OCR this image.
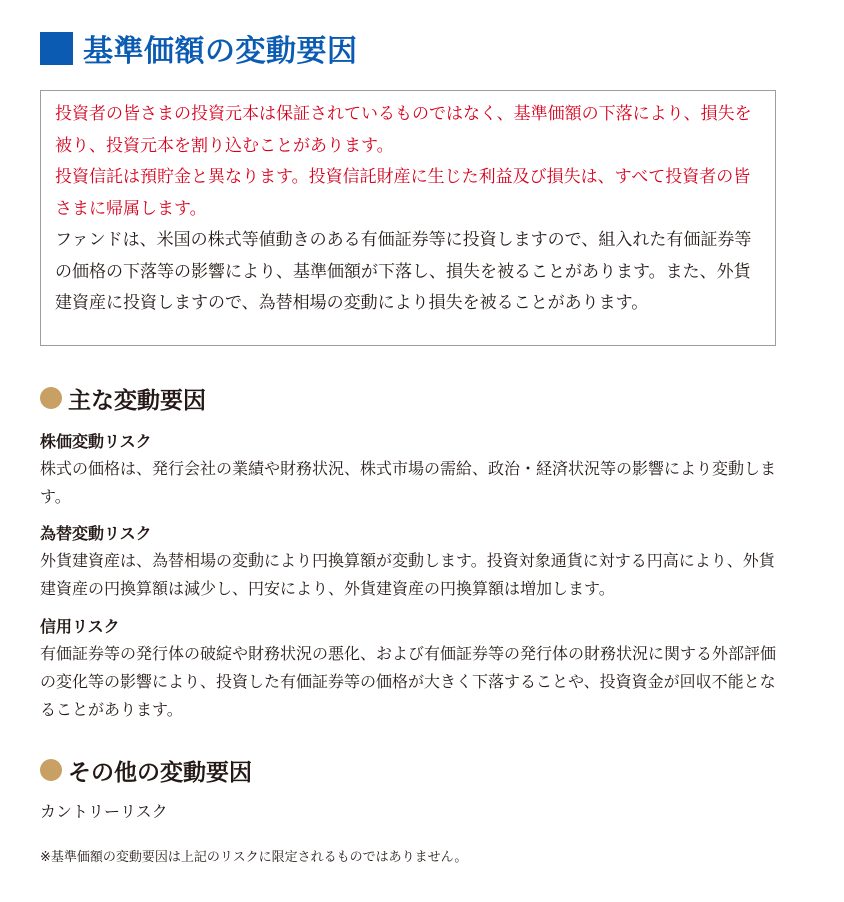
基準価額の変動要因

投資者の皆さまの投資元本は保証されているものではなく、基準価額の下落により、損失を被り、投資元本を割り込むことがあります。

投資信託は預貯金と異なります。投資信託財産に生じた利益及び損失は、すべて投資者の皆さまに帰属します。

ファンドは、米国の株式等値動きのある有価証券等に投資しますので、組入れた有価証券等の価格の下落等の影響により、基準価額が下落し、損失を被ることがあります。また、外貨建資産に投資しますので、為替相場の変動により損失を被ることがあります。

主な変動要因

株価変動リスク

株式の価格は、発行会社の業績や財務状況、株式市場の需給、政治・経済状況等の影響により変動します。

為替変動リスク

外貨建資産は、為替相場の変動により円換算額が変動します。投資対象通貨に対する円高により、外貨建資産の円換算額は減少し、円安により、外貨建資産の円換算額は増加します。

信用リスク

有価証券等の発行体の破綻や財務状況の悪化、および有価証券等の発行体の財務状況に関する外部評価の変化等の影響により、投資した有価証券等の価格が大きく下落することや、投資資金が回収不能となることがあります。

その他の変動要因
カントリーリスク
※基準価額の変動要因は上記のリスクに限定されるものではありません。
